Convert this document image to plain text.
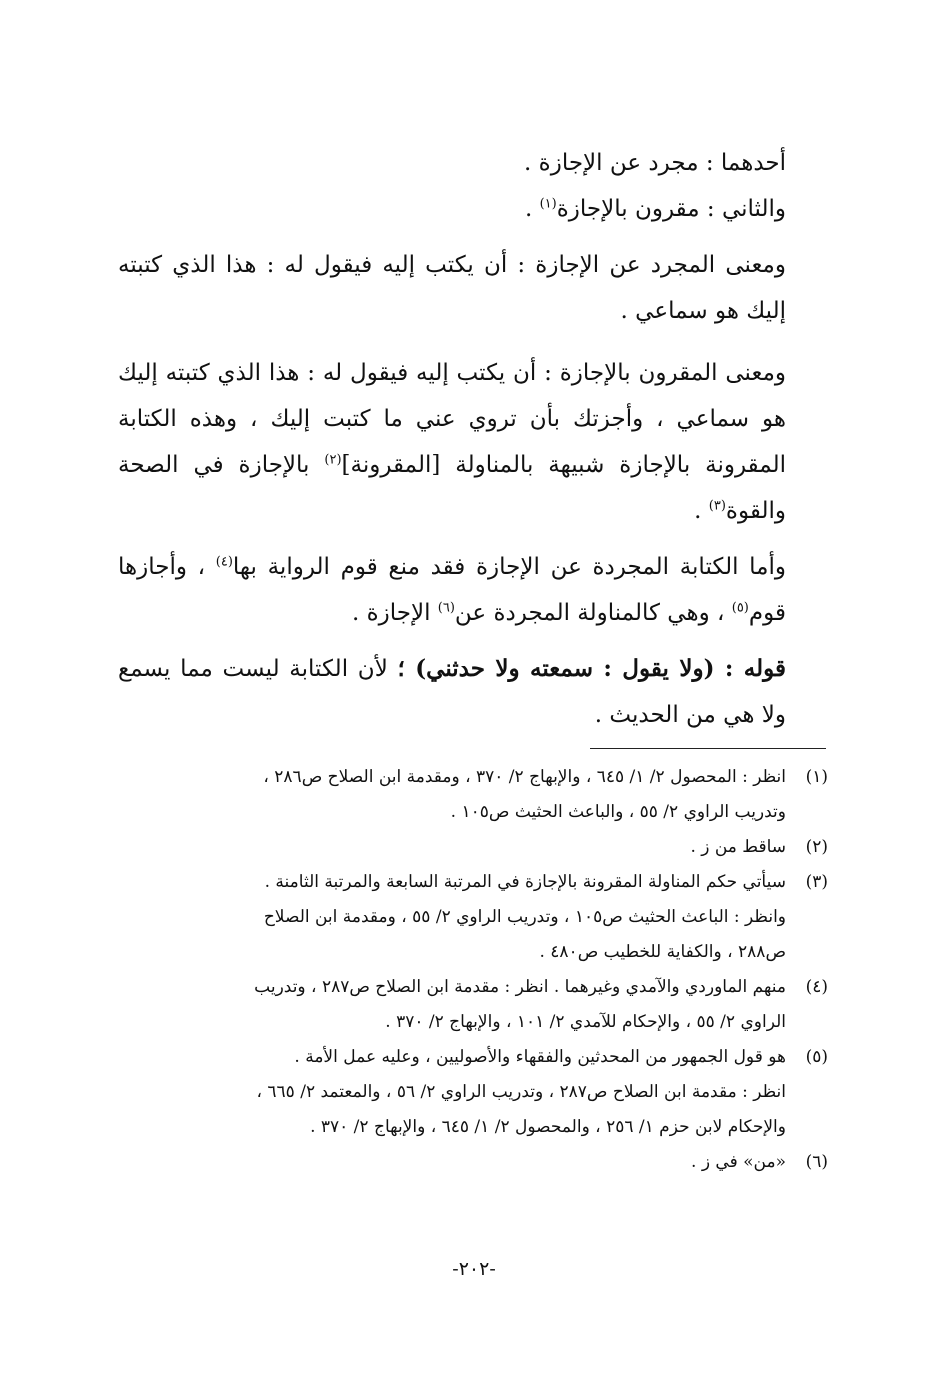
أحدهما : مجرد عن الإجازة .

والثاني : مقرون بالإجازة$^{(١)}$ .

ومعنى المجرد عن الإجازة : أن يكتب إليه فيقول له : هذا الذي كتبته إليك هو سماعي .

ومعنى المقرون بالإجازة : أن يكتب إليه فيقول له : هذا الذي كتبته إليك هو سماعي ، وأجزتك بأن تروي عني ما كتبت إليك ، وهذه الكتابة المقرونة بالإجازة شبيهة بالمناولة [المقرونة]$^{(٢)}$ بالإجازة في الصحة والقوة$^{(٣)}$ .

وأما الكتابة المجردة عن الإجازة فقد منع قوم الرواية بها$^{(٤)}$ ، وأجازها قوم$^{(٥)}$ ، وهي كالمناولة المجردة عن$^{(٦)}$ الإجازة .

قوله : (ولا يقول : سمعته ولا حدثني) ؛ لأن الكتابة ليست مما يسمع ولا هي من الحديث .

(١)
انظر : المحصول ٢/ ١/ ٦٤٥ ، والإبهاج ٢/ ٣٧٠ ، ومقدمة ابن الصلاح ص٢٨٦ ،
وتدريب الراوي ٢/ ٥٥ ، والباعث الحثيث ص١٠٥ .
(٢)
ساقط من ز .
(٣)
سيأتي حكم المناولة المقرونة بالإجازة في المرتبة السابعة والمرتبة الثامنة .
وانظر : الباعث الحثيث ص١٠٥ ، وتدريب الراوي ٢/ ٥٥ ، ومقدمة ابن الصلاح
ص٢٨٨ ، والكفاية للخطيب ص٤٨٠ .
(٤)
منهم الماوردي والآمدي وغيرهما . انظر : مقدمة ابن الصلاح ص٢٨٧ ، وتدريب
الراوي ٢/ ٥٥ ، والإحكام للآمدي ٢/ ١٠١ ، والإبهاج ٢/ ٣٧٠ .
(٥)
هو قول الجمهور من المحدثين والفقهاء والأصوليين ، وعليه عمل الأمة .
انظر : مقدمة ابن الصلاح ص٢٨٧ ، وتدريب الراوي ٢/ ٥٦ ، والمعتمد ٢/ ٦٦٥ ،
والإحكام لابن حزم ١/ ٢٥٦ ، والمحصول ٢/ ١/ ٦٤٥ ، والإبهاج ٢/ ٣٧٠ .
(٦)
«من» في ز .
-٢٠٢-
